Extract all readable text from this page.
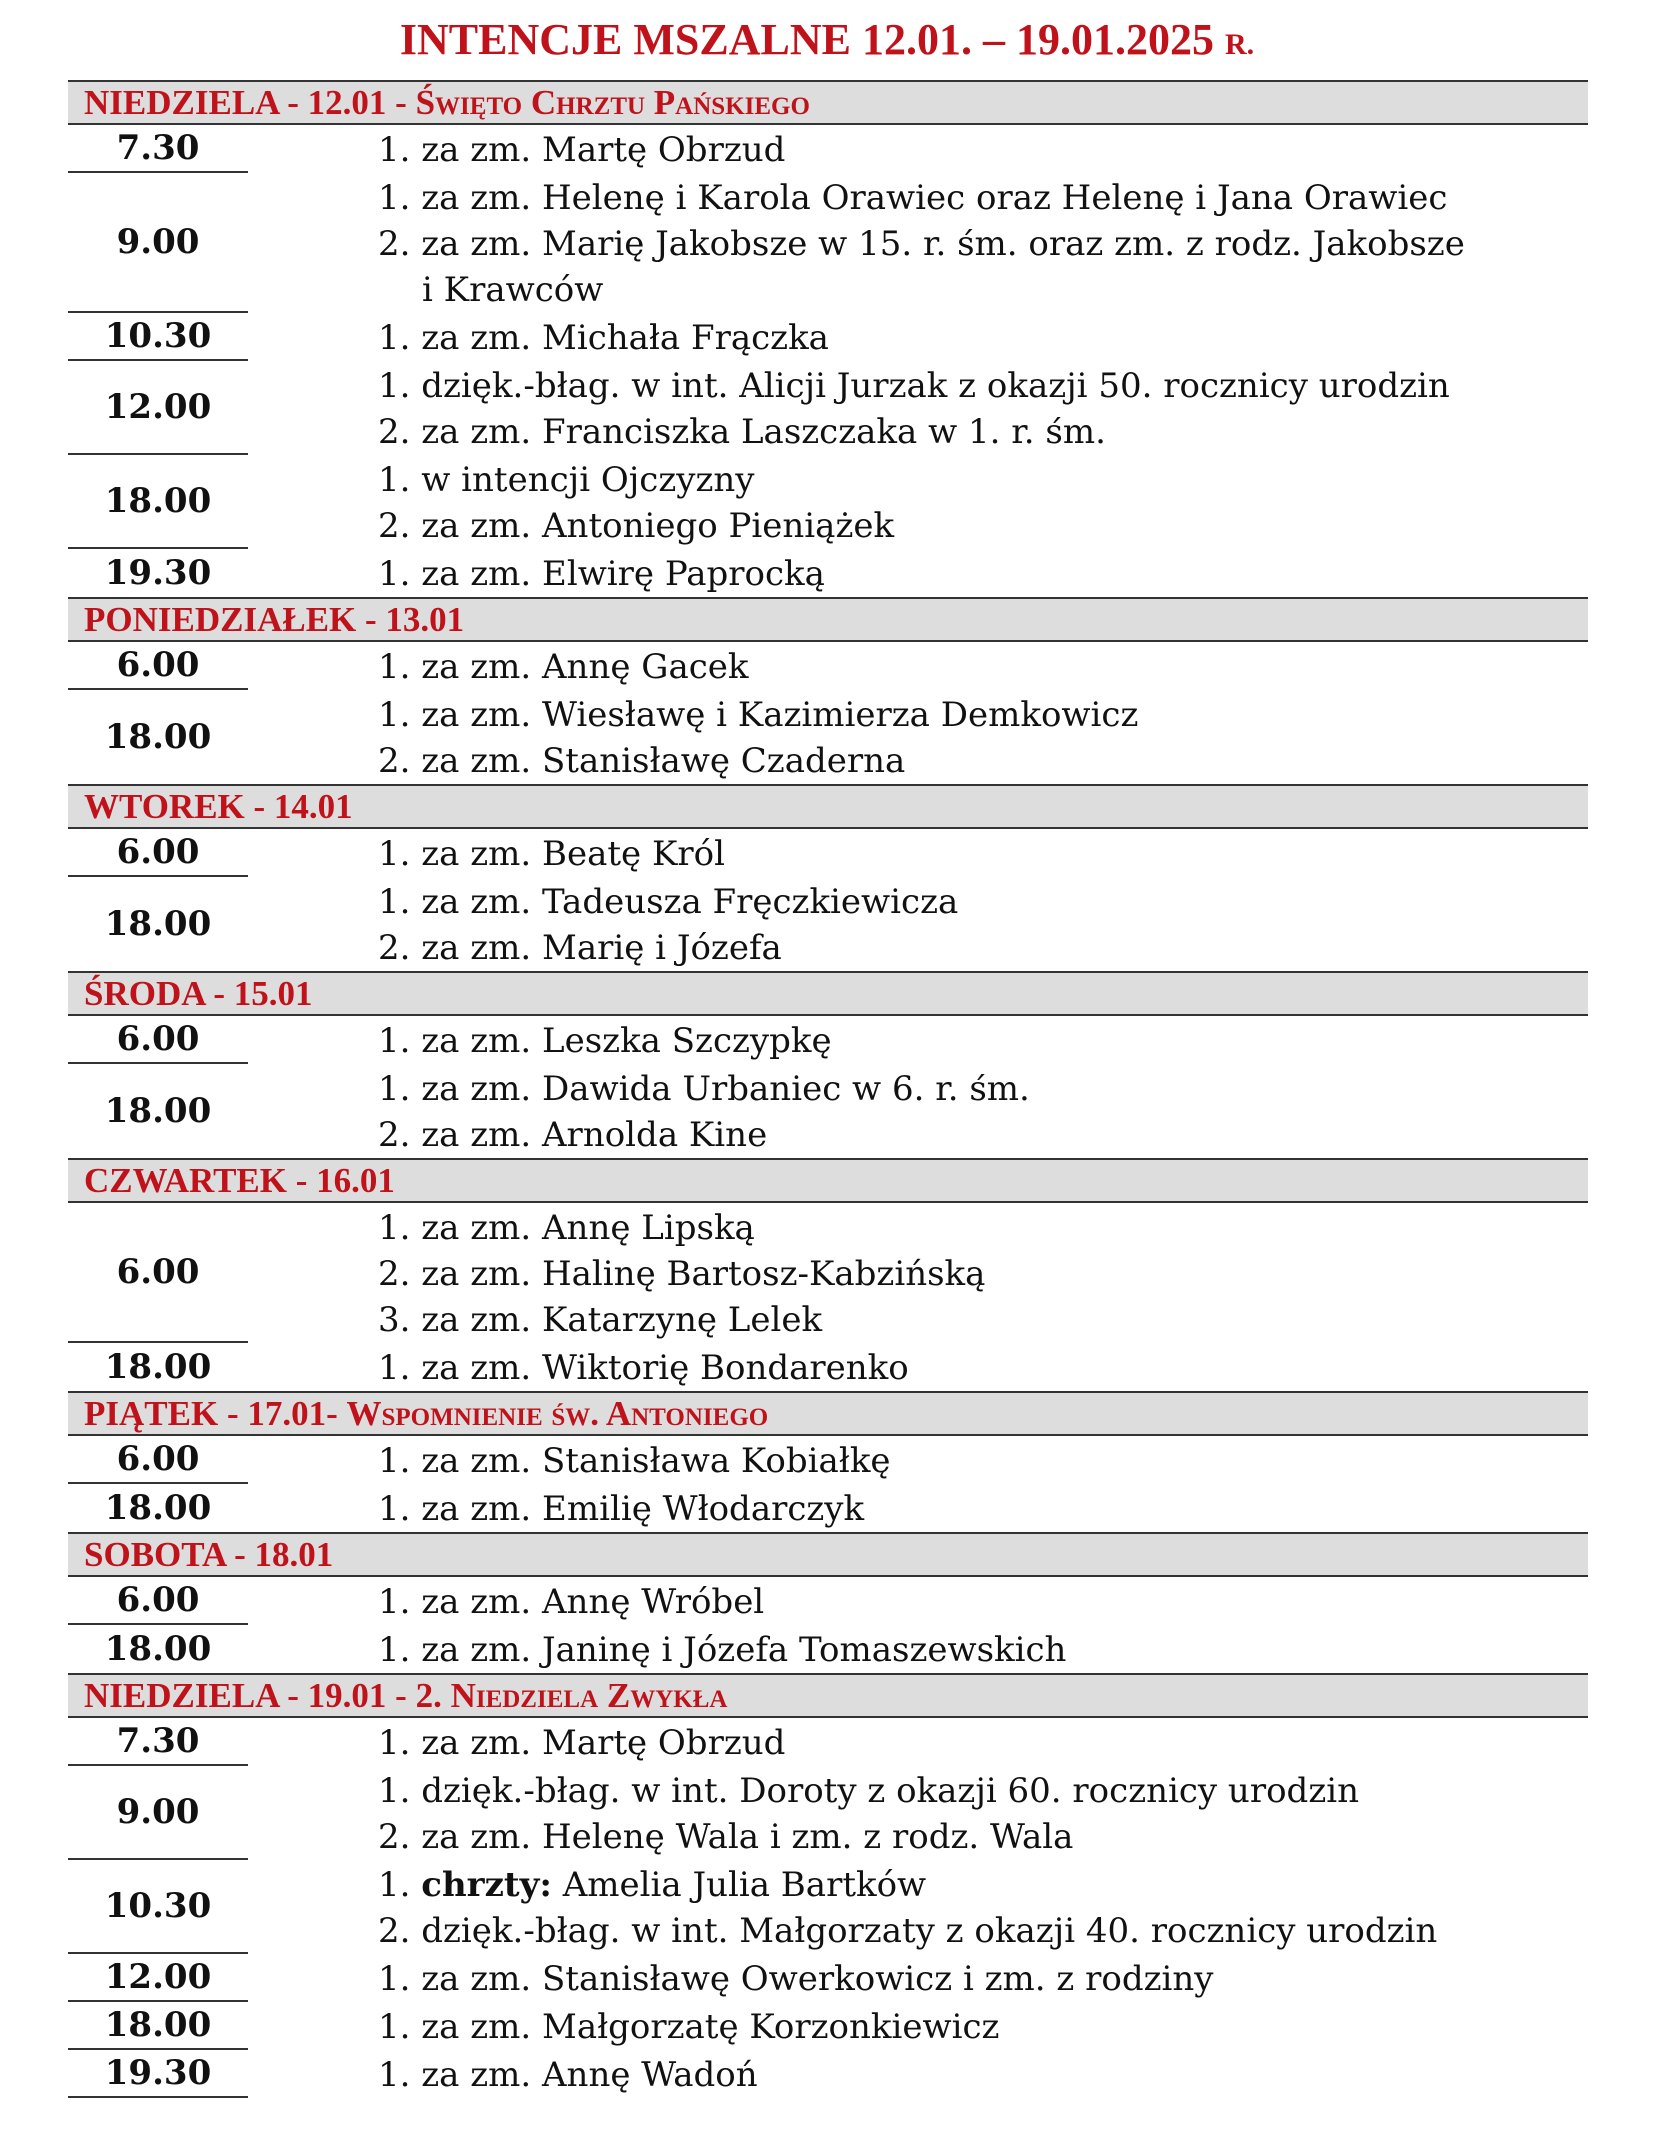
INTENCJE MSZALNE 12.01. – 19.01.2025 R.
NIEDZIELA - 12.01 - Święto Chrztu Pańskiego
7.30	1. za zm. Martę Obrzud
9.00
1. za zm. Helenę i Karola Orawiec oraz Helenę i Jana Orawiec
2. za zm. Marię Jakobsze w 15. r. śm. oraz zm. z rodz. Jakobsze
i Krawców
10.30	1. za zm. Michała Frączka
12.00
1. dzięk.-błag. w int. Alicji Jurzak z okazji 50. rocznicy urodzin
2. za zm. Franciszka Laszczaka w 1. r. śm.
18.00
1. w intencji Ojczyzny
2. za zm. Antoniego Pieniążek
19.30	1. za zm. Elwirę Paprocką
PONIEDZIAŁEK - 13.01
6.00	1. za zm. Annę Gacek
18.00
1. za zm. Wiesławę i Kazimierza Demkowicz
2. za zm. Stanisławę Czaderna
WTOREK - 14.01
6.00	1. za zm. Beatę Król
18.00
1. za zm. Tadeusza Fręczkiewicza
2. za zm. Marię i Józefa
ŚRODA - 15.01
6.00	1. za zm. Leszka Szczypkę
18.00
1. za zm. Dawida Urbaniec w 6. r. śm.
2. za zm. Arnolda Kine
CZWARTEK - 16.01
6.00
1. za zm. Annę Lipską
2. za zm. Halinę Bartosz-Kabzińską
3. za zm. Katarzynę Lelek
18.00	1. za zm. Wiktorię Bondarenko
PIĄTEK - 17.01- Wspomnienie św. Antoniego
6.00	1. za zm. Stanisława Kobiałkę
18.00	1. za zm. Emilię Włodarczyk
SOBOTA - 18.01
6.00	1. za zm. Annę Wróbel
18.00	1. za zm. Janinę i Józefa Tomaszewskich
NIEDZIELA - 19.01 - 2. Niedziela Zwykła
7.30	1. za zm. Martę Obrzud
9.00
1. dzięk.-błag. w int. Doroty z okazji 60. rocznicy urodzin
2. za zm. Helenę Wala i zm. z rodz. Wala
10.30
1. chrzty: Amelia Julia Bartków
2. dzięk.-błag. w int. Małgorzaty z okazji 40. rocznicy urodzin
12.00	1. za zm. Stanisławę Owerkowicz i zm. z rodziny
18.00	1. za zm. Małgorzatę Korzonkiewicz
19.30	1. za zm. Annę Wadoń
